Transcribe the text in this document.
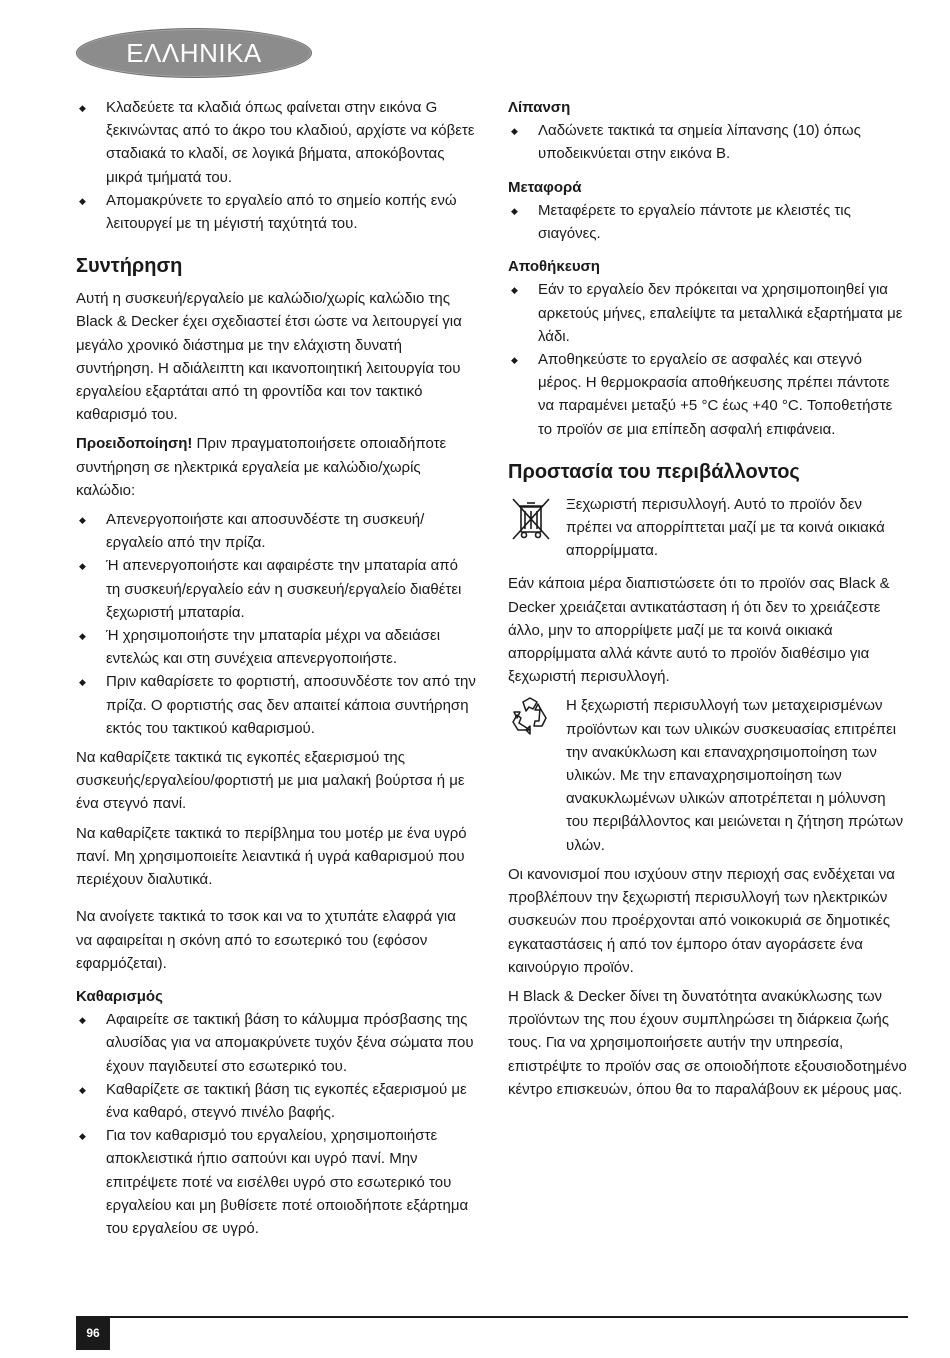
ΕΛΛΗΝΙΚΑ
◆ Κλαδεύετε τα κλαδιά όπως φαίνεται στην εικόνα G ξεκινώντας από το άκρο του κλαδιού, αρχίστε να κόβετε σταδιακά το κλαδί, σε λογικά βήματα, αποκόβοντας μικρά τμήματά του.
◆ Απομακρύνετε το εργαλείο από το σημείο κοπής ενώ λειτουργεί με τη μέγιστή ταχύτητά του.
Συντήρηση

Αυτή η συσκευή/εργαλείο με καλώδιο/χωρίς καλώδιο της Black & Decker έχει σχεδιαστεί έτσι ώστε να λειτουργεί για μεγάλο χρονικό διάστημα με την ελάχιστη δυνατή συντήρηση. Η αδιάλειπτη και ικανοποιητική λειτουργία του εργαλείου εξαρτάται από τη φροντίδα και τον τακτικό καθαρισμό του.

Προειδοποίηση! Πριν πραγματοποιήσετε οποιαδήποτε συντήρηση σε ηλεκτρικά εργαλεία με καλώδιο/χωρίς καλώδιο:

◆ Απενεργοποιήστε και αποσυνδέστε τη συσκευή/ εργαλείο από την πρίζα.
◆ Ή απενεργοποιήστε και αφαιρέστε την μπαταρία από τη συσκευή/εργαλείο εάν η συσκευή/εργαλείο διαθέτει ξεχωριστή μπαταρία.
◆ Ή χρησιμοποιήστε την μπαταρία μέχρι να αδειάσει εντελώς και στη συνέχεια απενεργοποιήστε.
◆ Πριν καθαρίσετε το φορτιστή, αποσυνδέστε τον από την πρίζα. Ο φορτιστής σας δεν απαιτεί κάποια συντήρηση εκτός του τακτικού καθαρισμού.

Να καθαρίζετε τακτικά τις εγκοπές εξαερισμού της συσκευής/εργαλείου/φορτιστή με μια μαλακή βούρτσα ή με ένα στεγνό πανί.

Να καθαρίζετε τακτικά το περίβλημα του μοτέρ με ένα υγρό πανί. Μη χρησιμοποιείτε λειαντικά ή υγρά καθαρισμού που περιέχουν διαλυτικά.

Να ανοίγετε τακτικά το τσοκ και να το χτυπάτε ελαφρά για να αφαιρείται η σκόνη από το εσωτερικό του (εφόσον εφαρμόζεται).

Καθαρισμός
◆ Αφαιρείτε σε τακτική βάση το κάλυμμα πρόσβασης της αλυσίδας για να απομακρύνετε τυχόν ξένα σώματα που έχουν παγιδευτεί στο εσωτερικό του.
◆ Καθαρίζετε σε τακτική βάση τις εγκοπές εξαερισμού με ένα καθαρό, στεγνό πινέλο βαφής.
◆ Για τον καθαρισμό του εργαλείου, χρησιμοποιήστε αποκλειστικά ήπιο σαπούνι και υγρό πανί. Μην επιτρέψετε ποτέ να εισέλθει υγρό στο εσωτερικό του εργαλείου και μη βυθίσετε ποτέ οποιοδήποτε εξάρτημα του εργαλείου σε υγρό.
Λίπανση
◆ Λαδώνετε τακτικά τα σημεία λίπανσης (10) όπως υποδεικνύεται στην εικόνα B.
Μεταφορά
◆ Μεταφέρετε το εργαλείο πάντοτε με κλειστές τις σιαγόνες.
Αποθήκευση
◆ Εάν το εργαλείο δεν πρόκειται να χρησιμοποιηθεί για αρκετούς μήνες, επαλείψτε τα μεταλλικά εξαρτήματα με λάδι.
◆ Αποθηκεύστε το εργαλείο σε ασφαλές και στεγνό μέρος. Η θερμοκρασία αποθήκευσης πρέπει πάντοτε να παραμένει μεταξύ +5 °C έως +40 °C. Τοποθετήστε το προϊόν σε μια επίπεδη ασφαλή επιφάνεια.
Προστασία του περιβάλλοντος
Ξεχωριστή περισυλλογή. Αυτό το προϊόν δεν πρέπει να απορρίπτεται μαζί με τα κοινά οικιακά απορρίμματα.

Εάν κάποια μέρα διαπιστώσετε ότι το προϊόν σας Black & Decker χρειάζεται αντικατάσταση ή ότι δεν το χρειάζεστε άλλο, μην το απορρίψετε μαζί με τα κοινά οικιακά απορρίμματα αλλά κάντε αυτό το προϊόν διαθέσιμο για ξεχωριστή περισυλλογή.

Η ξεχωριστή περισυλλογή των μεταχειρισμένων προϊόντων και των υλικών συσκευασίας επιτρέπει την ανακύκλωση και επαναχρησιμοποίηση των υλικών. Με την επαναχρησιμοποίηση των ανακυκλωμένων υλικών αποτρέπεται η μόλυνση του περιβάλλοντος και μειώνεται η ζήτηση πρώτων υλών.

Οι κανονισμοί που ισχύουν στην περιοχή σας ενδέχεται να προβλέπουν την ξεχωριστή περισυλλογή των ηλεκτρικών συσκευών που προέρχονται από νοικοκυριά σε δημοτικές εγκαταστάσεις ή από τον έμπορο όταν αγοράσετε ένα καινούργιο προϊόν.

Η Black & Decker δίνει τη δυνατότητα ανακύκλωσης των προϊόντων της που έχουν συμπληρώσει τη διάρκεια ζωής τους. Για να χρησιμοποιήσετε αυτήν την υπηρεσία, επιστρέψτε το προϊόν σας σε οποιοδήποτε εξουσιοδοτημένο κέντρο επισκευών, όπου θα το παραλάβουν εκ μέρους μας.

96
